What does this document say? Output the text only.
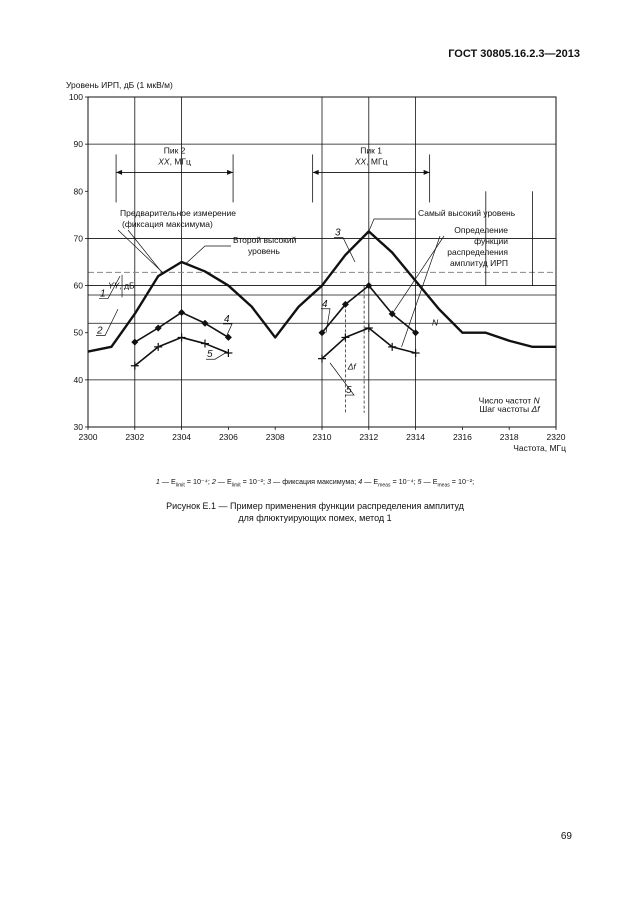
ГОСТ 30805.16.2.3—2013
30
40
50
60
70
80
90
100
2300	2302	2304	2306	2308	2310	2312	2314	2316	2318	2320
Уровень ИРП, дБ (1 мкВ/м)
Частота, МГц
Пик 2
XX, МГц
Пик 1
XX, МГц
Предварительное измерение
(фиксация максимума)
Второй высокий
уровень
Самый высокий уровень
Определение
функции
распределения
амплитуд ИРП
YY, дБ
N
Δf
Число частот N
Шаг частоты Δf
1
2
3
4
5
4
5
1 — $E_{limit} = 10^{-4}$; 2 — $E_{limit} = 10^{-2}$; 3 — фиксация максимума; 4 — $E_{meas} = 10^{-4}$; 5 — $E_{meas} = 10^{-2}$;
Рисунок Е.1 — Пример применения функции распределения амплитуд
для флюктуирующих помех, метод 1
69
